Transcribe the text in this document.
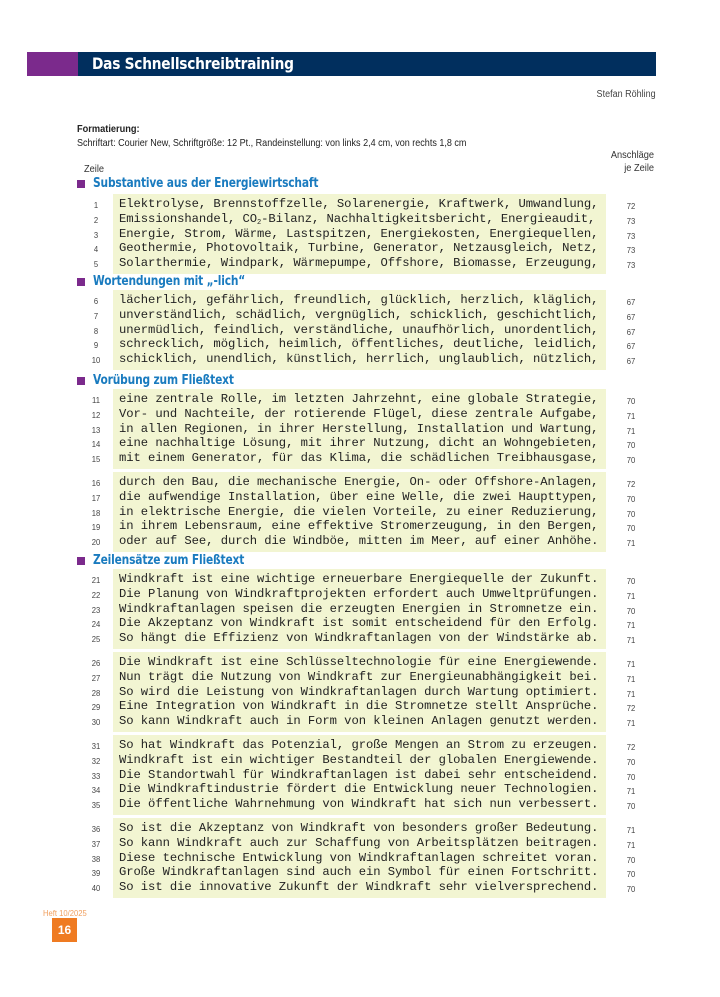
Das Schnellschreibtraining
Stefan Röhling
Formatierung:
Schriftart: Courier New, Schriftgröße: 12 Pt., Randeinstellung: von links 2,4 cm, von rechts 1,8 cm
Zeile
Anschläge
je Zeile
Substantive aus der Energiewirtschaft
1	Elektrolyse, Brennstoffzelle, Solarenergie, Kraftwerk, Umwandlung,	72
2	Emissionshandel, $CO_2$-Bilanz, Nachhaltigkeitsbericht, Energieaudit,	73
3	Energie, Strom, Wärme, Lastspitzen, Energiekosten, Energiequellen,	73
4	Geothermie, Photovoltaik, Turbine, Generator, Netzausgleich, Netz,	73
5	Solarthermie, Windpark, Wärmepumpe, Offshore, Biomasse, Erzeugung,	73
Wortendungen mit „-lich“
6	lächerlich, gefährlich, freundlich, glücklich, herzlich, kläglich,	67
7	unverständlich, schädlich, vergnüglich, schicklich, geschichtlich,	67
8	unermüdlich, feindlich, verständliche, unaufhörlich, unordentlich,	67
9	schrecklich, möglich, heimlich, öffentliches, deutliche, leidlich,	67
10 schicklich, unendlich, künstlich, herrlich, unglaublich, nützlich,	67
Vorübung zum Fließtext
11 eine zentrale Rolle, im letzten Jahrzehnt, eine globale Strategie,	70
12 Vor- und Nachteile, der rotierende Flügel, diese zentrale Aufgabe,	71
13 in allen Regionen, in ihrer Herstellung, Installation und Wartung,	71
14 eine nachhaltige Lösung, mit ihrer Nutzung, dicht an Wohngebieten,	70
15 mit einem Generator, für das Klima, die schädlichen Treibhausgase,	70
16 durch den Bau, die mechanische Energie, On- oder Offshore-Anlagen,	72
17 die aufwendige Installation, über eine Welle, die zwei Haupttypen,	70
18 in elektrische Energie, die vielen Vorteile, zu einer Reduzierung,	70
19 in ihrem Lebensraum, eine effektive Stromerzeugung, in den Bergen,	70
20 oder auf See, durch die Windböe, mitten im Meer, auf einer Anhöhe.	71
Zeilensätze zum Fließtext
21 Windkraft ist eine wichtige erneuerbare Energiequelle der Zukunft.	70
22 Die Planung von Windkraftprojekten erfordert auch Umweltprüfungen.	71
23 Windkraftanlagen speisen die erzeugten Energien in Stromnetze ein.	70
24 Die Akzeptanz von Windkraft ist somit entscheidend für den Erfolg.	71
25 So hängt die Effizienz von Windkraftanlagen von der Windstärke ab.	71
26 Die Windkraft ist eine Schlüsseltechnologie für eine Energiewende.	71
27 Nun trägt die Nutzung von Windkraft zur Energieunabhängigkeit bei.	71
28 So wird die Leistung von Windkraftanlagen durch Wartung optimiert.	71
29 Eine Integration von Windkraft in die Stromnetze stellt Ansprüche.	72
30 So kann Windkraft auch in Form von kleinen Anlagen genutzt werden.	71
31 So hat Windkraft das Potenzial, große Mengen an Strom zu erzeugen.	72
32 Windkraft ist ein wichtiger Bestandteil der globalen Energiewende.	70
33 Die Standortwahl für Windkraftanlagen ist dabei sehr entscheidend.	70
34 Die Windkraftindustrie fördert die Entwicklung neuer Technologien.	71
35 Die öffentliche Wahrnehmung von Windkraft hat sich nun verbessert.	70
36 So ist die Akzeptanz von Windkraft von besonders großer Bedeutung.	71
37 So kann Windkraft auch zur Schaffung von Arbeitsplätzen beitragen.	71
38 Diese technische Entwicklung von Windkraftanlagen schreitet voran.	70
39 Große Windkraftanlagen sind auch ein Symbol für einen Fortschritt.	70
40 So ist die innovative Zukunft der Windkraft sehr vielversprechend.	70
Heft 10/2025
16
